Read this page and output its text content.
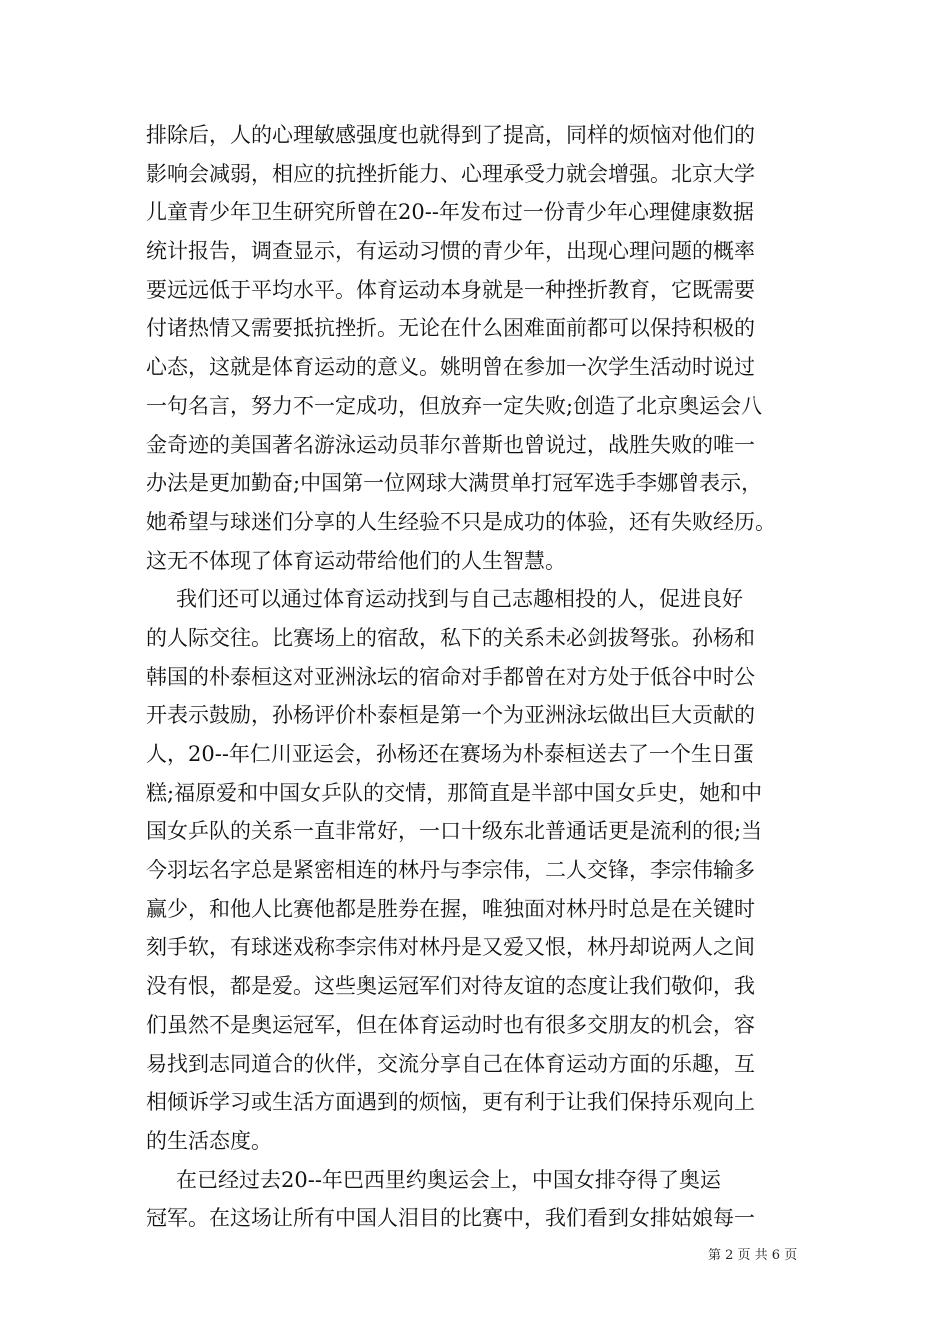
排除后，人的心理敏感强度也就得到了提高，同样的烦恼对他们的
影响会减弱，相应的抗挫折能力、心理承受力就会增强。北京大学
儿童青少年卫生研究所曾在20--年发布过一份青少年心理健康数据
统计报告，调查显示，有运动习惯的青少年，出现心理问题的概率
要远远低于平均水平。体育运动本身就是一种挫折教育，它既需要
付诸热情又需要抵抗挫折。无论在什么困难面前都可以保持积极的
心态，这就是体育运动的意义。姚明曾在参加一次学生活动时说过
一句名言，努力不一定成功，但放弃一定失败;创造了北京奥运会八
金奇迹的美国著名游泳运动员菲尔普斯也曾说过，战胜失败的唯一
办法是更加勤奋;中国第一位网球大满贯单打冠军选手李娜曾表示，
她希望与球迷们分享的人生经验不只是成功的体验，还有失败经历。
这无不体现了体育运动带给他们的人生智慧。
我们还可以通过体育运动找到与自己志趣相投的人，促进良好
的人际交往。比赛场上的宿敌，私下的关系未必剑拔弩张。孙杨和
韩国的朴泰桓这对亚洲泳坛的宿命对手都曾在对方处于低谷中时公
开表示鼓励，孙杨评价朴泰桓是第一个为亚洲泳坛做出巨大贡献的
人，20--年仁川亚运会，孙杨还在赛场为朴泰桓送去了一个生日蛋
糕;福原爱和中国女乒队的交情，那简直是半部中国女乒史，她和中
国女乒队的关系一直非常好，一口十级东北普通话更是流利的很;当
今羽坛名字总是紧密相连的林丹与李宗伟，二人交锋，李宗伟输多
赢少，和他人比赛他都是胜券在握，唯独面对林丹时总是在关键时
刻手软，有球迷戏称李宗伟对林丹是又爱又恨，林丹却说两人之间
没有恨，都是爱。这些奥运冠军们对待友谊的态度让我们敬仰，我
们虽然不是奥运冠军，但在体育运动时也有很多交朋友的机会，容
易找到志同道合的伙伴，交流分享自己在体育运动方面的乐趣，互
相倾诉学习或生活方面遇到的烦恼，更有利于让我们保持乐观向上
的生活态度。
在已经过去20--年巴西里约奥运会上，中国女排夺得了奥运
冠军。在这场让所有中国人泪目的比赛中，我们看到女排姑娘每一
第 2 页 共 6 页
